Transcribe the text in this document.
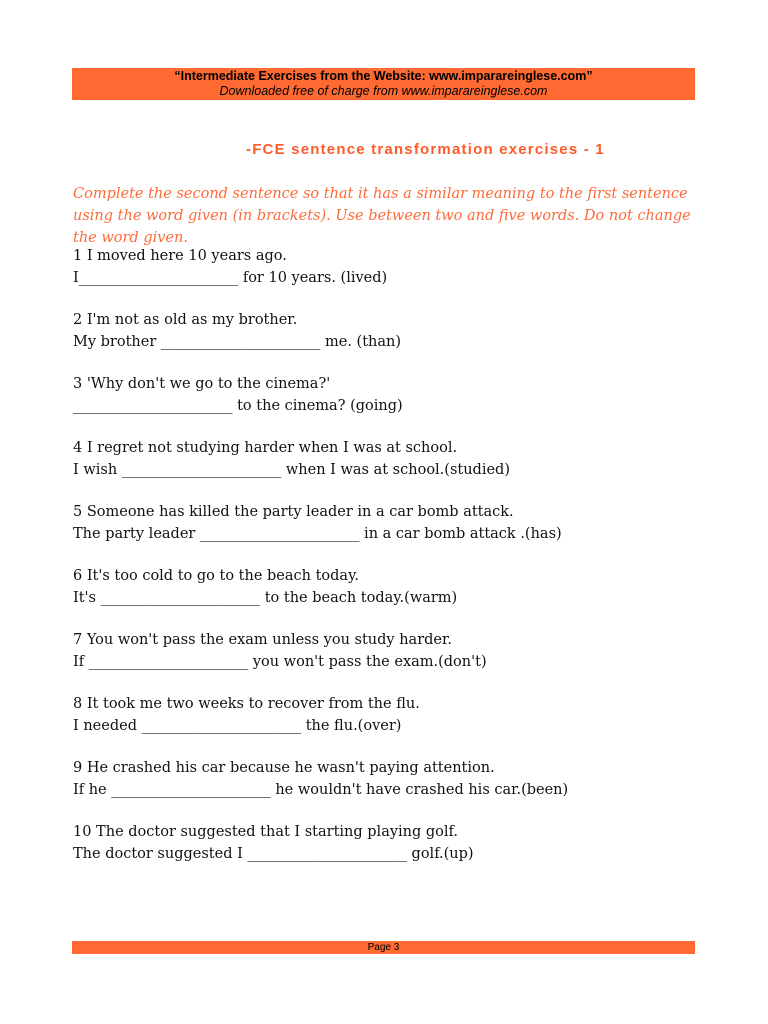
“Intermediate Exercises from the Website: www.imparareinglese.com”
Downloaded free of charge from www.imparareinglese.com
-FCE sentence transformation exercises - 1
Complete the second sentence so that it has a similar meaning to the first sentence using the word given (in brackets). Use between two and five words. Do not change the word given.
1 I moved here 10 years ago.
I______________________ for 10 years. (lived)
2 I'm not as old as my brother.
My brother ______________________ me. (than)
3 'Why don't we go to the cinema?'
______________________ to the cinema? (going)
4 I regret not studying harder when I was at school.
I wish ______________________ when I was at school.(studied)
5 Someone has killed the party leader in a car bomb attack.
The party leader ______________________ in a car bomb attack .(has)
6 It's too cold to go to the beach today.
It's ______________________ to the beach today.(warm)
7 You won't pass the exam unless you study harder.
If ______________________ you won't pass the exam.(don't)
8 It took me two weeks to recover from the flu.
I needed ______________________ the flu.(over)
9 He crashed his car because he wasn't paying attention.
If he ______________________ he wouldn't have crashed his car.(been)
10 The doctor suggested that I starting playing golf.
The doctor suggested I ______________________ golf.(up)
Page 3
